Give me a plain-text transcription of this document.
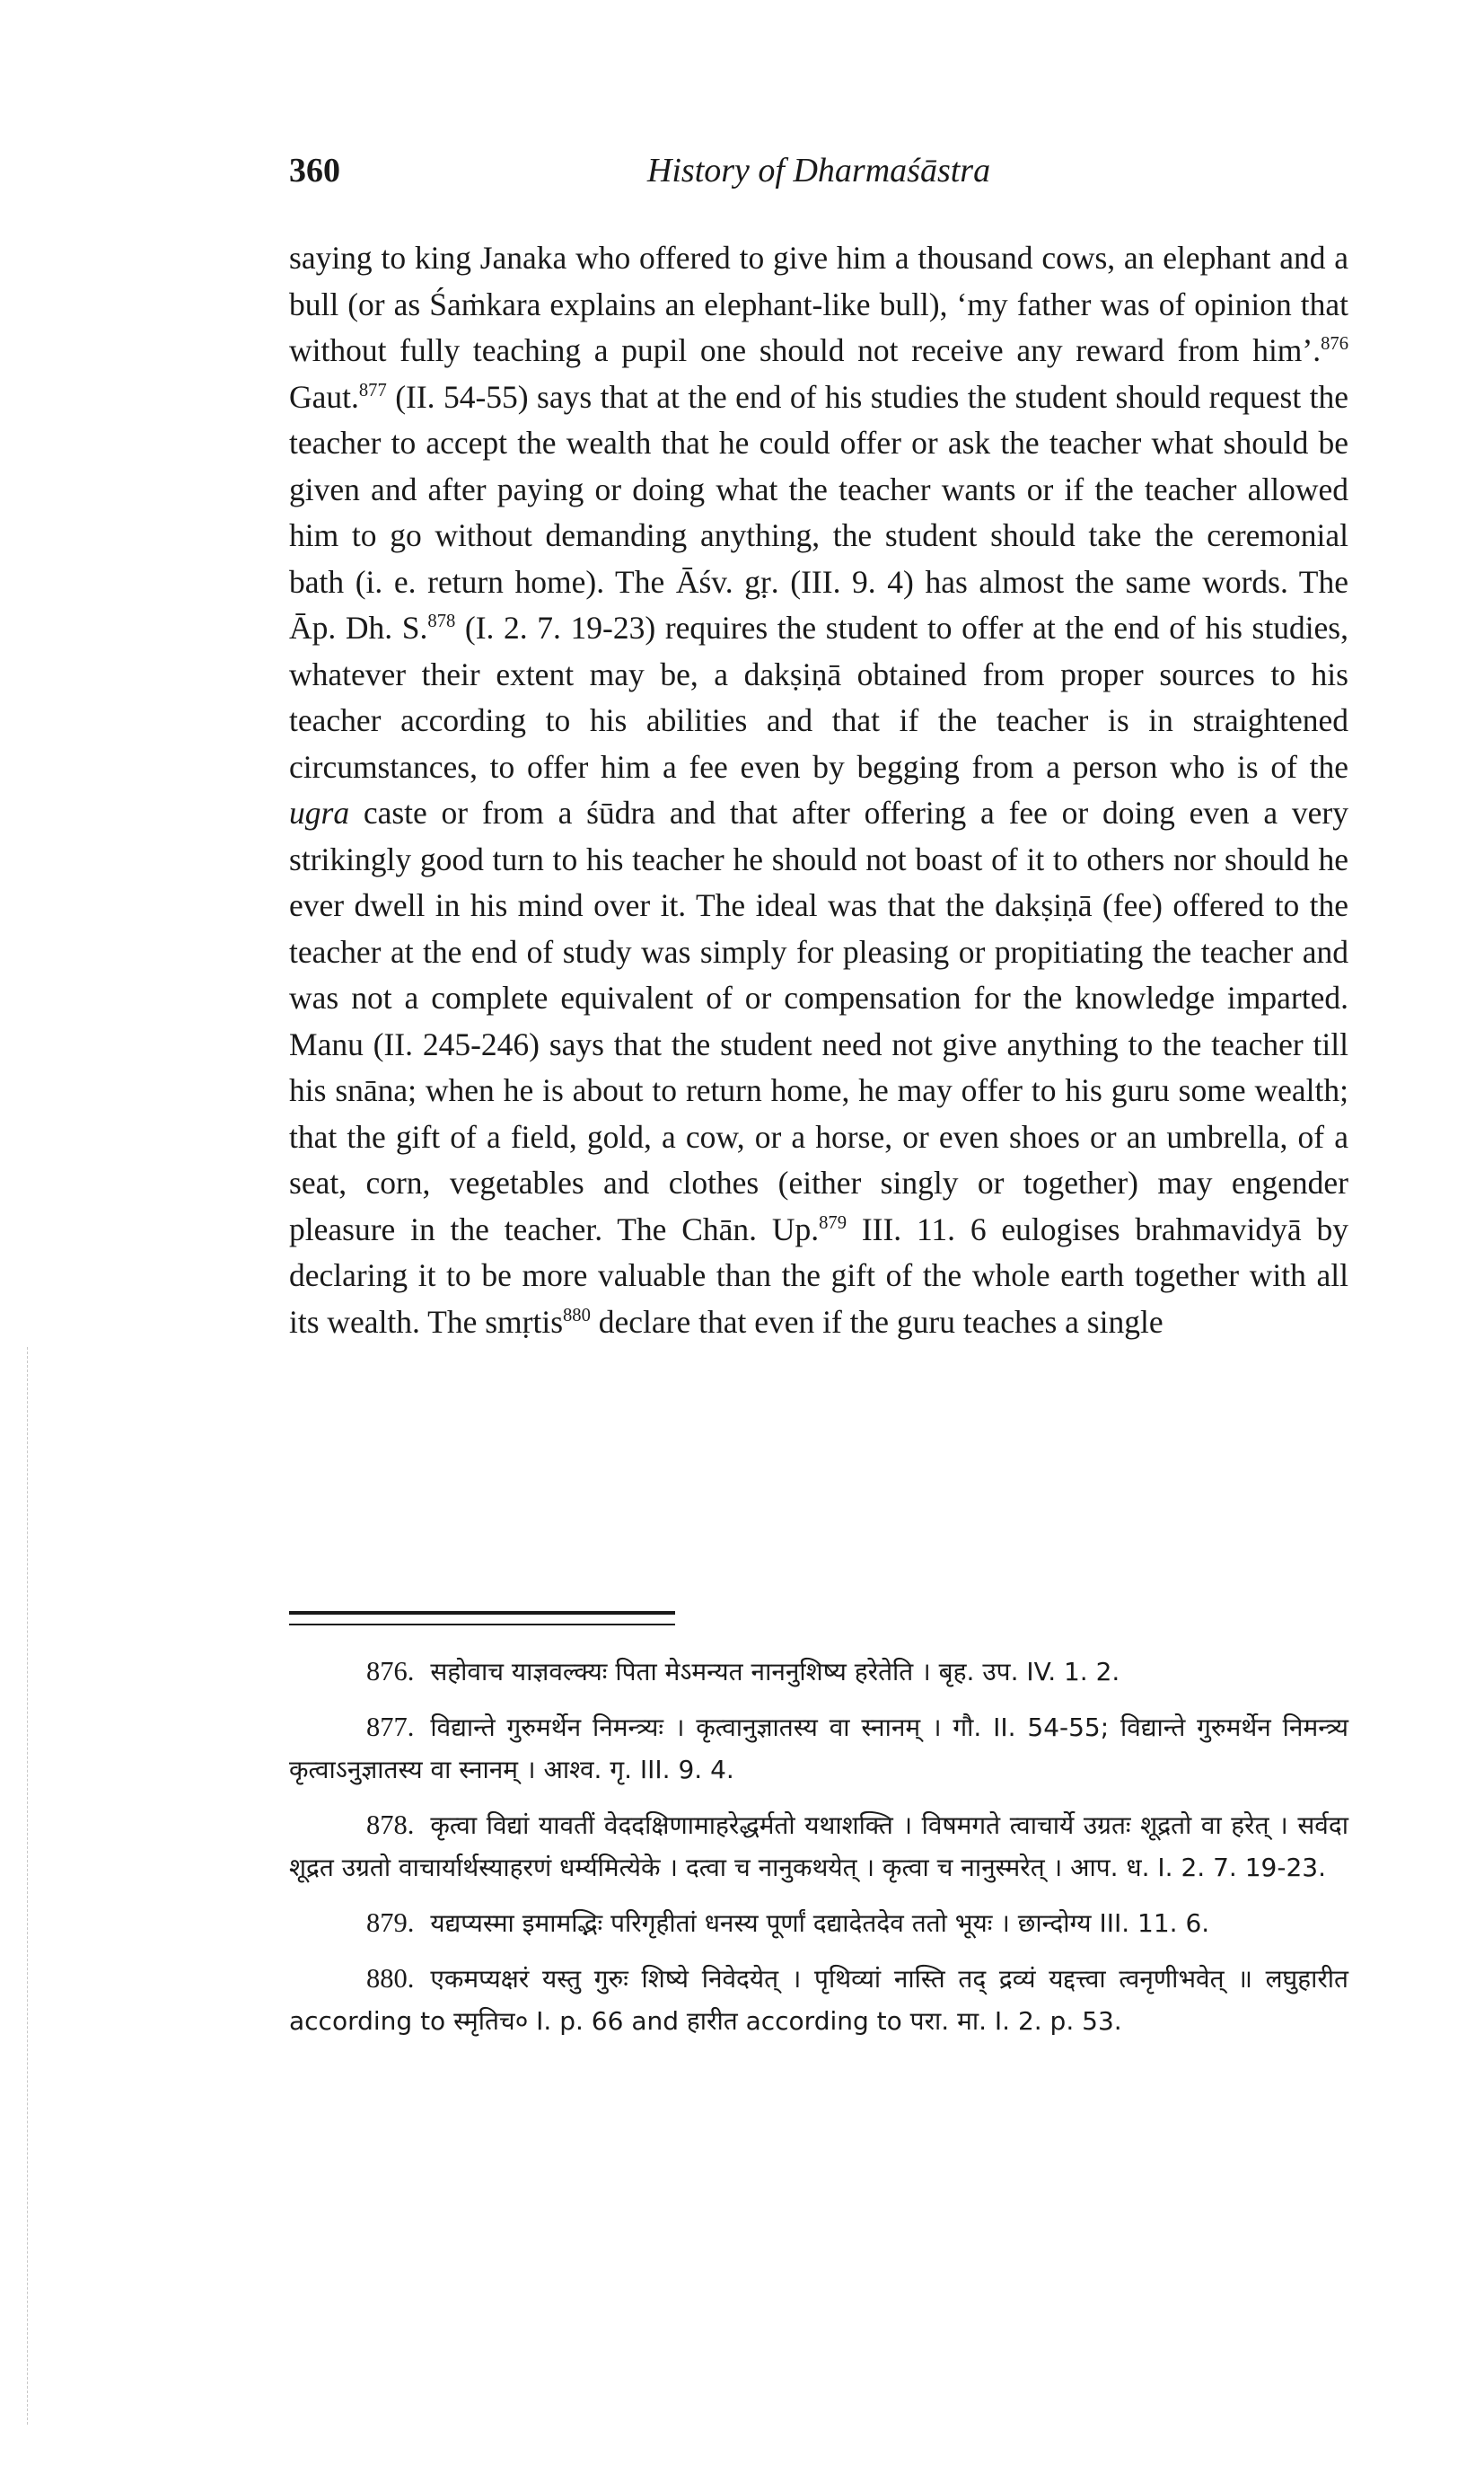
360	History of Dharmaśāstra

saying to king Janaka who offered to give him a thousand cows, an elephant and a bull (or as Śaṁkara explains an elephant-like bull), ‘my father was of opinion that without fully teaching a pupil one should not receive any reward from him’.$^{876}$ Gaut.$^{877}$ (II. 54-55) says that at the end of his studies the student should request the teacher to accept the wealth that he could offer or ask the teacher what should be given and after paying or doing what the teacher wants or if the teacher allowed him to go without demanding anything, the student should take the ceremonial bath (i. e. return home). The Āśv. gṛ. (III. 9. 4) has almost the same words. The Āp. Dh. S.$^{878}$ (I. 2. 7. 19-23) requires the student to offer at the end of his studies, whatever their extent may be, a dakṣiṇā obtained from proper sources to his teacher according to his abilities and that if the teacher is in straightened circumstances, to offer him a fee even by begging from a person who is of the ugra caste or from a śūdra and that after offering a fee or doing even a very strikingly good turn to his teacher he should not boast of it to others nor should he ever dwell in his mind over it. The ideal was that the dakṣiṇā (fee) offered to the teacher at the end of study was simply for pleasing or propitiating the teacher and was not a complete equivalent of or compensation for the knowledge imparted. Manu (II. 245-246) says that the student need not give anything to the teacher till his snāna; when he is about to return home, he may offer to his guru some wealth; that the gift of a field, gold, a cow, or a horse, or even shoes or an umbrella, of a seat, corn, vegetables and clothes (either singly or together) may engender pleasure in the teacher. The Chān. Up.$^{879}$ III. 11. 6 eulogises brahmavidyā by declaring it to be more valuable than the gift of the whole earth together with all its wealth. The smṛtis$^{880}$ declare that even if the guru teaches a single

876. सहोवाच याज्ञवल्क्यः पिता मेऽमन्यत नाननुशिष्य हरेतेति । बृह. उप. IV. 1. 2.

877. विद्यान्ते गुरुमर्थेन निमन्त्र्यः । कृत्वानुज्ञातस्य वा स्नानम् । गौ. II. 54-55; विद्यान्ते गुरुमर्थेन निमन्त्र्य कृत्वाऽनुज्ञातस्य वा स्नानम् । आश्व. गृ. III. 9. 4.

878. कृत्वा विद्यां यावतीं वेददक्षिणामाहरेद्धर्मतो यथाशक्ति । विषमगते त्वाचार्ये उग्रतः शूद्रतो वा हरेत् । सर्वदा शूद्रत उग्रतो वाचार्यार्थस्याहरणं धर्म्यमित्येके । दत्वा च नानुकथयेत् । कृत्वा च नानुस्मरेत् । आप. ध. I. 2. 7. 19-23.

879. यद्यप्यस्मा इमामद्भिः परिगृहीतां धनस्य पूर्णां दद्यादेतदेव ततो भूयः । छान्दोग्य III. 11. 6.

880. एकमप्यक्षरं यस्तु गुरुः शिष्ये निवेदयेत् । पृथिव्यां नास्ति तद् द्रव्यं यद्दत्त्वा त्वनृणीभवेत् ॥ लघुहारीत according to स्मृतिच० I. p. 66 and हारीत according to परा. मा. I. 2. p. 53.
